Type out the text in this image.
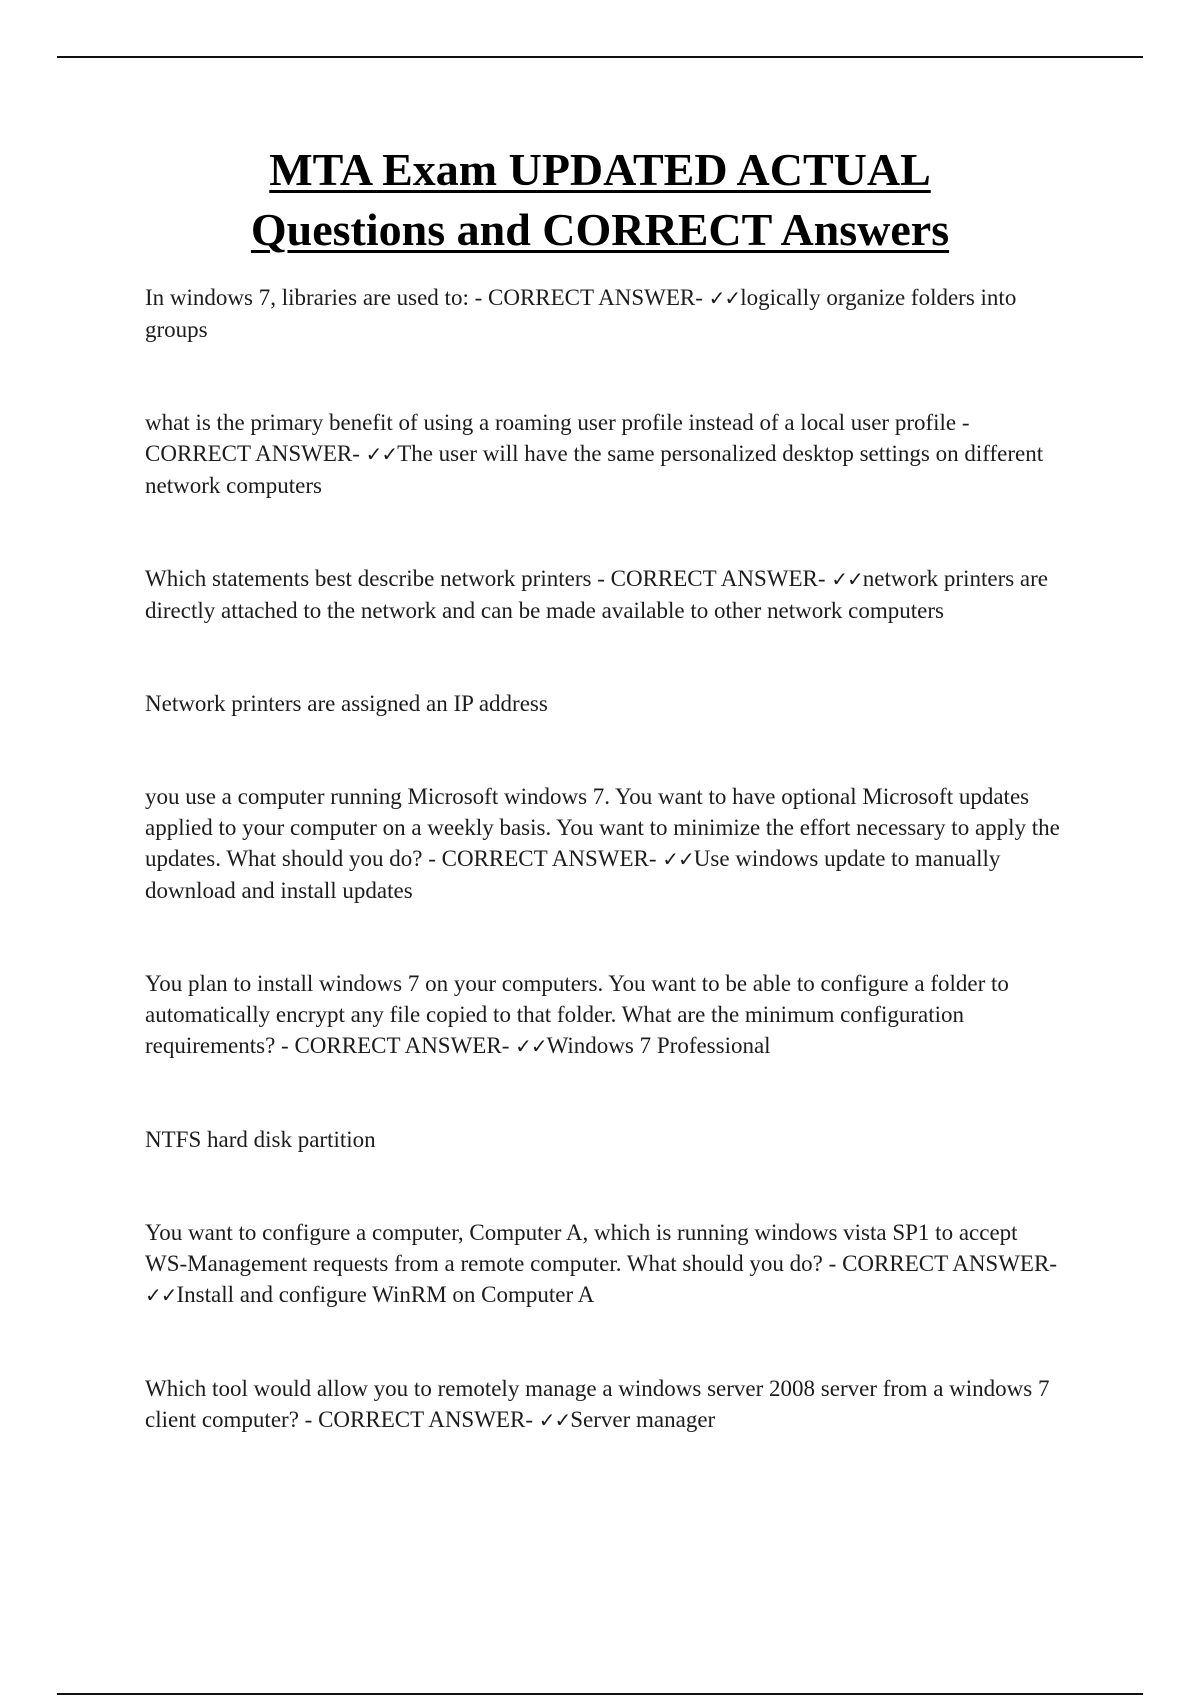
MTA Exam UPDATED ACTUAL
Questions and CORRECT Answers

In windows 7, libraries are used to: - CORRECT ANSWER- ✓✓logically organize folders into groups

what is the primary benefit of using a roaming user profile instead of a local user profile - CORRECT ANSWER- ✓✓The user will have the same personalized desktop settings on different network computers

Which statements best describe network printers - CORRECT ANSWER- ✓✓network printers are directly attached to the network and can be made available to other network computers

Network printers are assigned an IP address

you use a computer running Microsoft windows 7. You want to have optional Microsoft updates applied to your computer on a weekly basis. You want to minimize the effort necessary to apply the updates. What should you do? - CORRECT ANSWER- ✓✓Use windows update to manually download and install updates

You plan to install windows 7 on your computers. You want to be able to configure a folder to automatically encrypt any file copied to that folder. What are the minimum configuration requirements? - CORRECT ANSWER- ✓✓Windows 7 Professional

NTFS hard disk partition

You want to configure a computer, Computer A, which is running windows vista SP1 to accept WS-Management requests from a remote computer. What should you do? - CORRECT ANSWER- ✓✓Install and configure WinRM on Computer A

Which tool would allow you to remotely manage a windows server 2008 server from a windows 7 client computer? - CORRECT ANSWER- ✓✓Server manager
